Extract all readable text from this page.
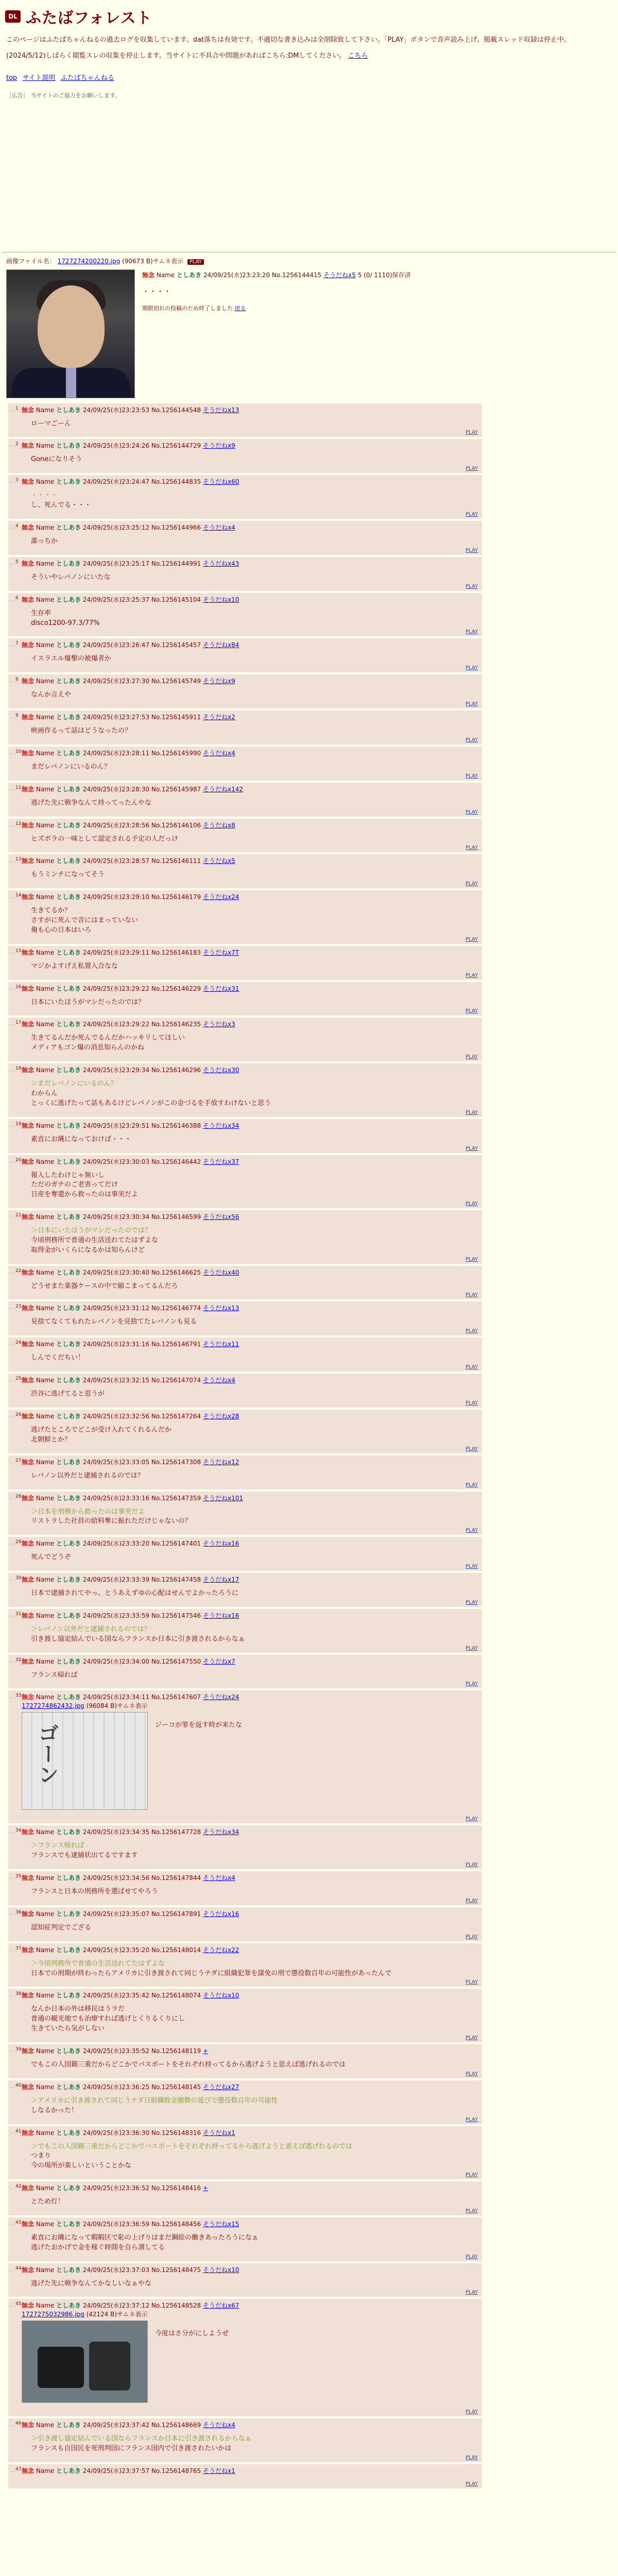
DL ふたばフォレスト

このページはふたばちゃんねるの過去ログを収集しています。dat落ちは有効です。不適切な書き込みは全削除致して下さい。「PLAY」ボタンで音声読み上げ。掲載スレッド収録は停止中。

(2024/5/12)しばらく閲覧スレの収集を停止します。当サイトに不具合や問題があればこちら:DMしてください。 こちら

top サイト説明 ふたばちゃんねる
［広告］ 当サイトのご協力をお願いします。
画像ファイル名： 1727274200220.jpg (90673 B)サムネ表示 PLAY
無念 Name としあき 24/09/25(水)23:23:20 No.1256144415 そうだねx5 5 (0/ 1110)保存済
・・・・
期限切れの投稿のため終了しました 戻る
… 1 無念 Name としあき 24/09/25(水)23:23:53 No.1256144548 そうだねx13
ローマごーん
PLAY
… 2 無念 Name としあき 24/09/25(水)23:24:26 No.1256144729 そうだねx9
Goneになりそう
PLAY
… 3 無念 Name としあき 24/09/25(水)23:24:47 No.1256144835 そうだねx60
・・・・
し、死んでる・・・
PLAY
… 4 無念 Name としあき 24/09/25(水)23:25:12 No.1256144966 そうだねx4
誰っちか
PLAY
… 5 無念 Name としあき 24/09/25(水)23:25:17 No.1256144991 そうだねx43
そういやレバノンにいたな
PLAY
… 6 無念 Name としあき 24/09/25(水)23:25:37 No.1256145104 そうだねx10
生存率
disco1200-97.3/77%
PLAY
… 7 無念 Name としあき 24/09/25(水)23:26:47 No.1256145457 そうだねx84
イスラエル爆撃の被爆者か
PLAY
… 8 無念 Name としあき 24/09/25(水)23:27:30 No.1256145749 そうだねx9
なんか言えや
PLAY
… 9 無念 Name としあき 24/09/25(水)23:27:53 No.1256145911 そうだねx2
映画作るって話はどうなったの？
PLAY
… 10 無念 Name としあき 24/09/25(水)23:28:11 No.1256145990 そうだねx4
まだレバノンにいるのん？
PLAY
… 11 無念 Name としあき 24/09/25(水)23:28:30 No.1256145987 そうだねx142
逃げた先に戦争なんて持ってったんやな
PLAY
… 12 無念 Name としあき 24/09/25(水)23:28:56 No.1256146106 そうだねx8
ヒズボラの一味として認定される予定の人だっけ
PLAY
… 13 無念 Name としあき 24/09/25(水)23:28:57 No.1256146111 そうだねx5
もうミンチになってそう
PLAY
… 14 無念 Name としあき 24/09/25(水)23:29:10 No.1256146179 そうだねx24
生きてるか？
さすがに死んで音にはまっていない
俺も心の日本はいろ
PLAY
… 15 無念 Name としあき 24/09/25(水)23:29:11 No.1256146183 そうだねx7T
マジかよすげえ私置入合なな
PLAY
… 16 無念 Name としあき 24/09/25(水)23:29:22 No.1256146229 そうだねx31
日本にいたほうがマシだったのでは？
PLAY
… 17 無念 Name としあき 24/09/25(水)23:29:22 No.1256146235 そうだねx3
生きてるんだか死んでるんだかハッキリしてほしい
メディアもゴン爆の消息知らんのかね
PLAY
… 18 無念 Name としあき 24/09/25(水)23:29:34 No.1256146296 そうだねx30
＞まだレバノンにいるのん？
わからん
とっくに逃げたって話もあるけどレバノンがこの金づるを手放すわけないと思う
PLAY
… 19 無念 Name としあき 24/09/25(水)23:29:51 No.1256146388 そうだねx34
素直にお縄になっておけば・・・
PLAY
… 20 無念 Name としあき 24/09/25(水)23:30:03 No.1256146442 そうだねx37
報入したわけじゃ無いし
ただのガチのご老害ってだけ
日産を奪還から救ったのは事実だよ
PLAY
… 21 無念 Name としあき 24/09/25(水)23:30:34 No.1256146599 そうだねx56
＞日本にいたほうがマシだったのでは？
今頃刑務所で普通の生活送れてたはずよな
取得金がいくらになるかは知らんけど
PLAY
… 22 無念 Name としあき 24/09/25(水)23:30:40 No.1256146625 そうだねx40
どうせまた楽器ケースの中で縮こまってるんだろ
PLAY
… 23 無念 Name としあき 24/09/25(水)23:31:12 No.1256146774 そうだねx13
見捨てなくてもれたレバノンを見捨てたレバノンも見る
PLAY
… 24 無念 Name としあき 24/09/25(水)23:31:16 No.1256146791 そうだねx11
しんでくだちい！
PLAY
… 25 無念 Name としあき 24/09/25(水)23:32:15 No.1256147074 そうだねx4
渋谷に逃げてると思うが
PLAY
… 26 無念 Name としあき 24/09/25(水)23:32:56 No.1256147264 そうだねx28
逃げたところでどこが受け入れてくれるんだか
北朝鮮とか？
PLAY
… 27 無念 Name としあき 24/09/25(水)23:33:05 No.1256147308 そうだねx12
レバノン以外だと逮捕されるのでは？
PLAY
… 28 無念 Name としあき 24/09/25(水)23:33:16 No.1256147359 そうだねx101
＞日本を刑務から救ったのは事実だよ
リストラした社員の給料奪に振れただけじゃないの？
PLAY
… 29 無念 Name としあき 24/09/25(水)23:33:20 No.1256147401 そうだねx16
死んでどうぞ
PLAY
… 30 無念 Name としあき 24/09/25(水)23:33:39 No.1256147458 そうだねx17
日本で逮捕されてやっ、とうあえずゆの心配はせんでよかったろうに
PLAY
… 31 無念 Name としあき 24/09/25(水)23:33:59 No.1256147546 そうだねx16
＞レバノン以外だと逮捕されるのでは？
引き渡し協定結んでいる国ならフランスか日本に引き渡されるからなぁ
PLAY
… 32 無念 Name としあき 24/09/25(水)23:34:00 No.1256147550 そうだねx7
フランス帰れば
PLAY
… 33 無念 Name としあき 24/09/25(水)23:34:11 No.1256147607 そうだねx24
1727274862432.jpg (96084 B)サムネ表示
ゴーン
ジーコが罪を返す時が来たな
PLAY
… 34 無念 Name としあき 24/09/25(水)23:34:35 No.1256147728 そうだねx34
＞フランス帰れば
フランスでも逮捕状出てるですます
PLAY
… 35 無念 Name としあき 24/09/25(水)23:34:56 No.1256147844 そうだねx4
フランスと日本の刑務所を選ばせてやろう
PLAY
… 36 無念 Name としあき 24/09/25(水)23:35:07 No.1256147891 そうだねx16
認知症判定でござる
PLAY
… 37 無念 Name としあき 24/09/25(水)23:35:20 No.1256148014 そうだねx22
＞今頃刑務所で普通の生活送れてたはずよな
日本での刑期が終わったらアメリカに引き渡されて同じうナダに組織犯罪を謀免の刑で懲役数百年の可能性があったんで
PLAY
… 38 無念 Name としあき 24/09/25(水)23:35:42 No.1256148074 そうだねx10
なんか日本の外は移民はうラだ
普通の観光地でも治療すれば逃げとくりるくりにし
生きていたら気がしない
PLAY
… 39 無念 Name としあき 24/09/25(水)23:35:52 No.1256148119 +
でもこの人国籍三重だからどこかでパスポートをそれぞれ持ってるから逃げようと思えば逃げれるのでは
PLAY
… 40 無念 Name としあき 24/09/25(水)23:36:25 No.1256148145 そうだねx27
＞アメリカに引き渡されて同じうナダ日組織敗金額数の延びで懲役数百年の可能性
しなるかった！
PLAY
… 41 無念 Name としあき 24/09/25(水)23:36:30 No.1256148316 そうだねx1
＞でもこの人国籍三重だからどこかでパスポートをそれぞれ持ってるから逃げようと思えば逃げれるのでは
つまり
今の場所が楽しいということかな
PLAY
… 42 無念 Name としあき 24/09/25(水)23:36:52 No.1256148416 +
とため灯！
PLAY
… 43 無念 Name としあき 24/09/25(水)23:36:59 No.1256148456 そうだねx15
素直にお縄になって暇暇区で恥の上げりはまだ鋼絵の働きあったろうになぁ
逃げたおかげで金を稼ぐ時間を自ら潰してる
PLAY
… 44 無念 Name としあき 24/09/25(水)23:37:03 No.1256148475 そうだねx10
逃げた先に戦争なんてかなしいなぁやな
PLAY
… 45 無念 Name としあき 24/09/25(水)23:37:12 No.1256148528 そうだねx67
1727275032986.jpg (42124 B)サムネ表示
今度はさ分がにしようぜ
PLAY
… 46 無念 Name としあき 24/09/25(水)23:37:42 No.1256148669 そうだねx4
＞引き渡し協定結んでいる国ならフランスか日本に引き渡されるからなぁ
フランスも自国民を死刑判国にフランス国内で引き渡されたいかは
PLAY
… 47 無念 Name としあき 24/09/25(水)23:37:57 No.1256148765 そうだねx1
PLAY
